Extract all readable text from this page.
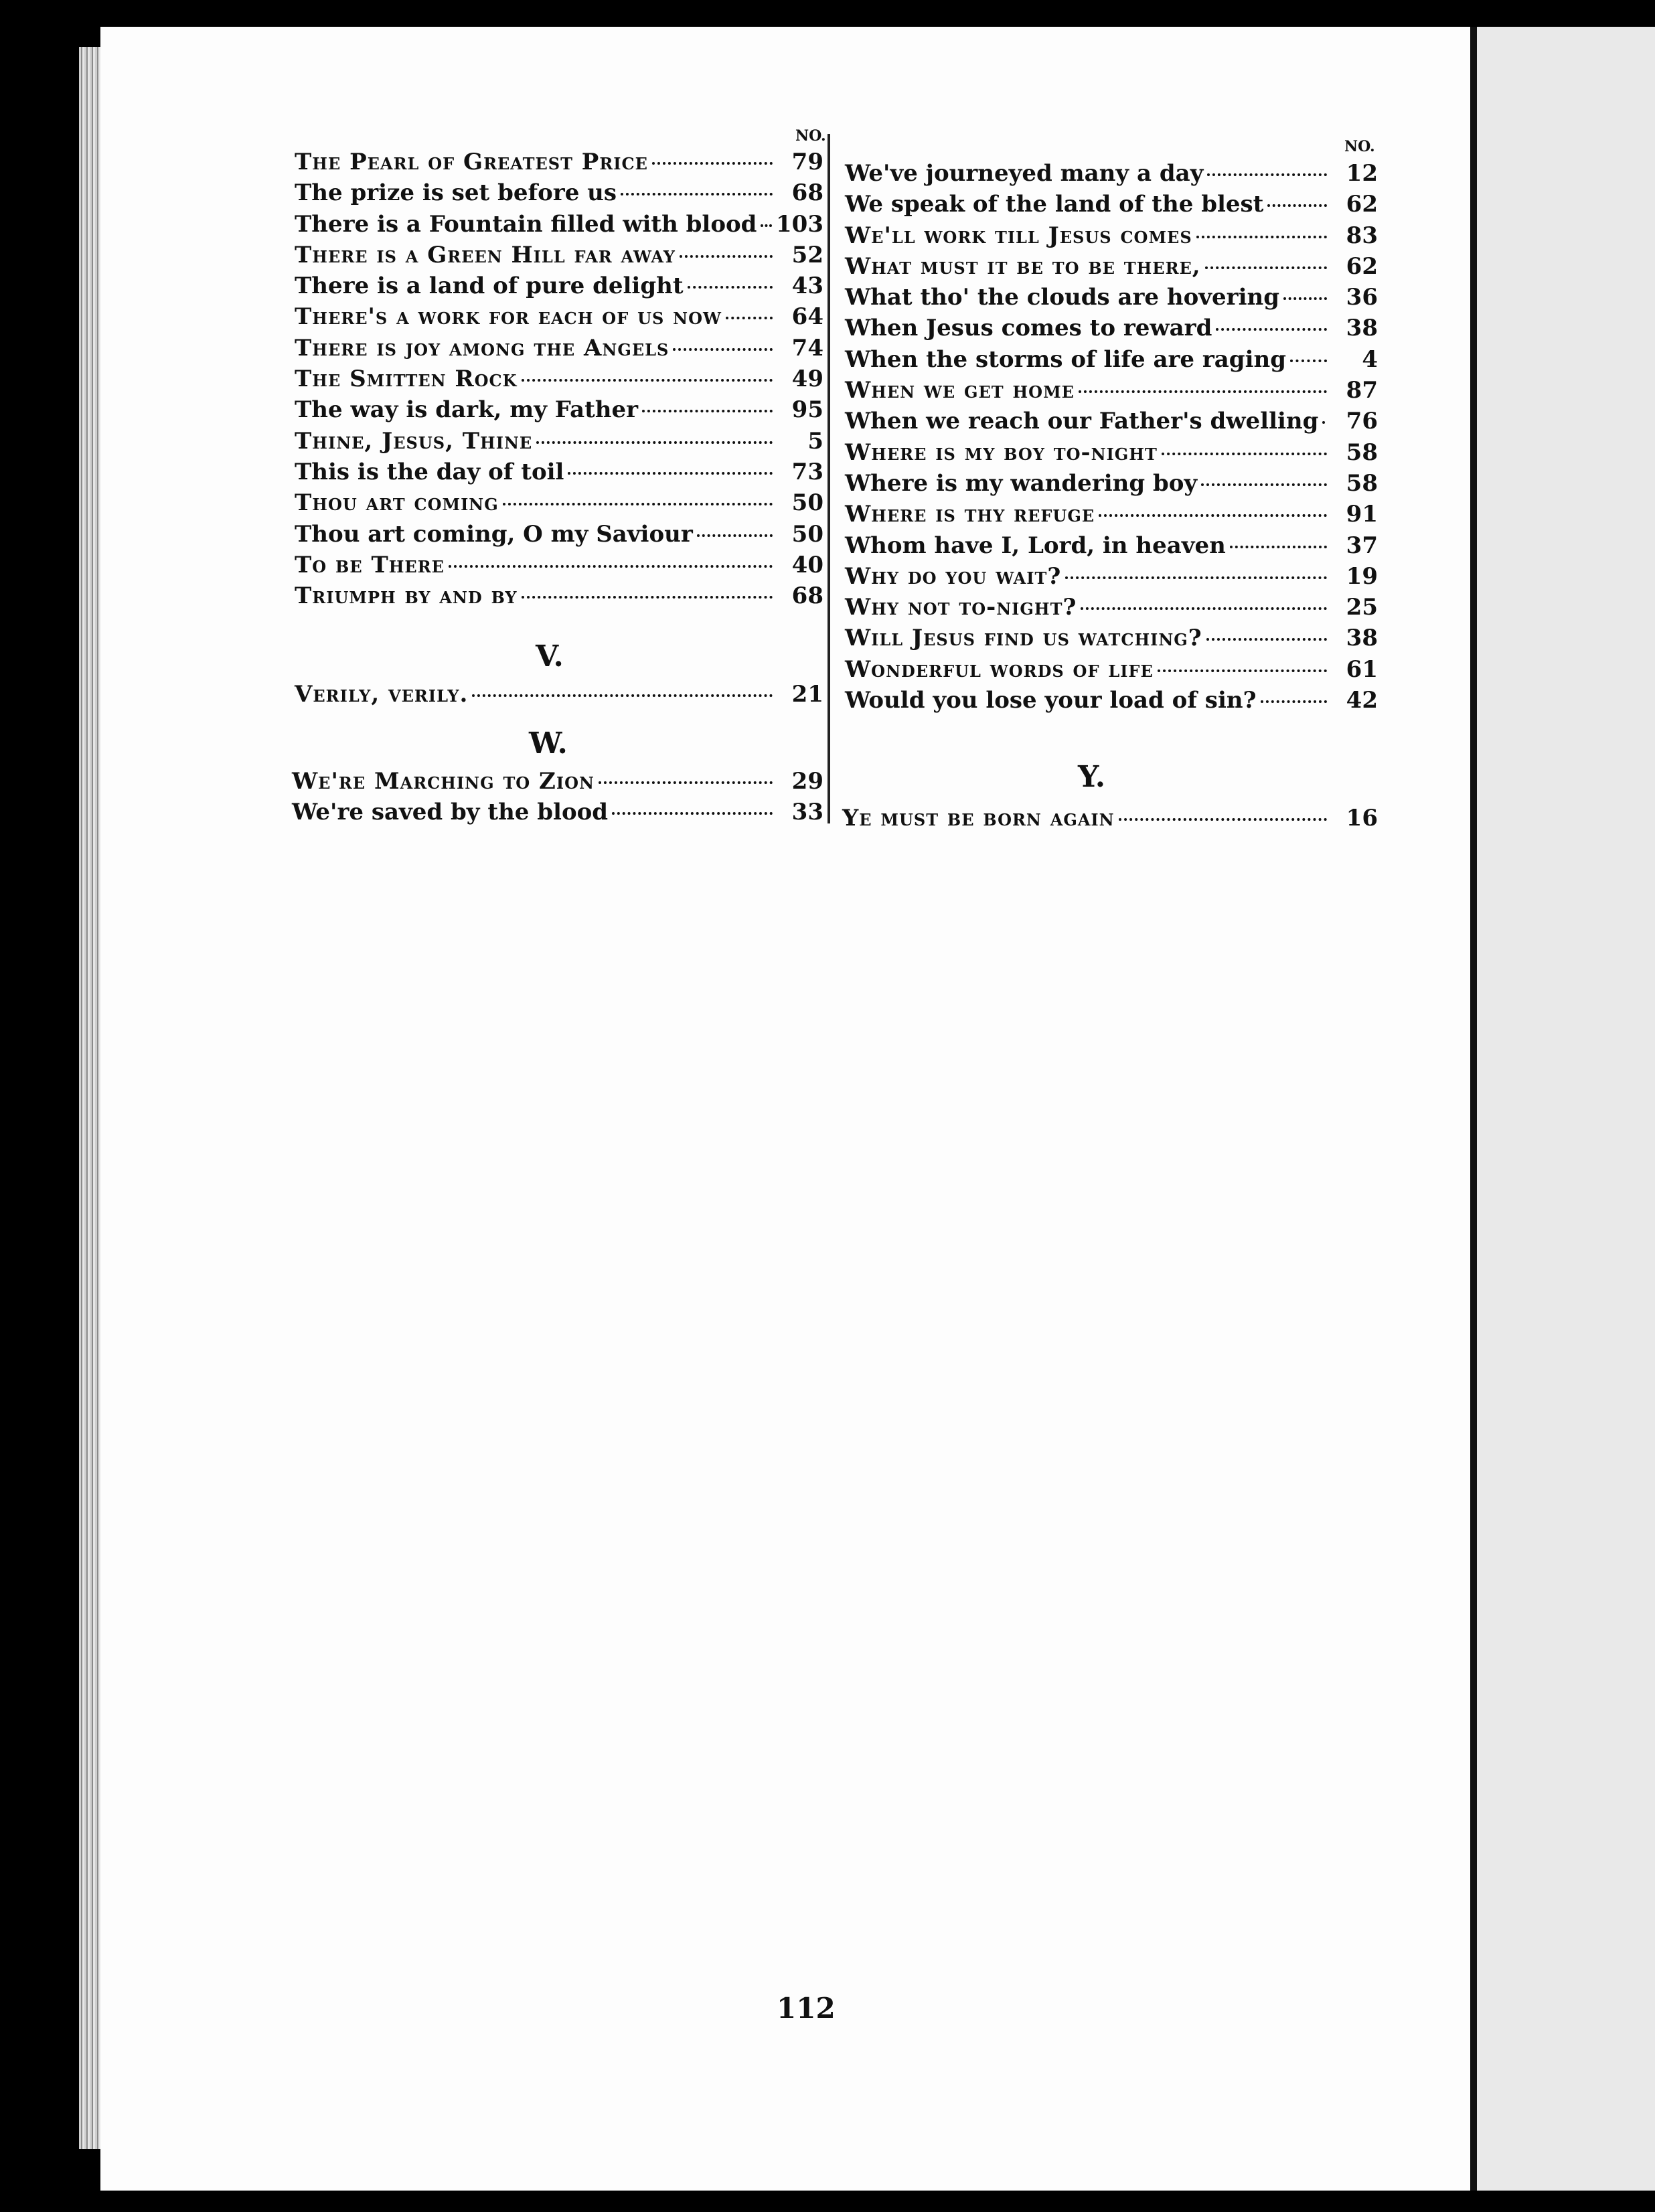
NO.
NO.
The Pearl of Greatest Price	79
The prize is set before us	68
There is a Fountain filled with blood 103
There is a Green Hill far away	52
There is a land of pure delight	43
There's a work for each of us now	64
There is joy among the Angels	74
The Smitten Rock	49
The way is dark, my Father	95
Thine, Jesus, Thine	5
This is the day of toil	73
Thou art coming	50
Thou art coming, O my Saviour	50
To be There	40
Triumph by and by	68
V.
Verily, verily.	21
W.
We're Marching to Zion	29
We're saved by the blood	33
We've journeyed many a day	12
We speak of the land of the blest	62
We'll work till Jesus comes	83
What must it be to be there,	62
What tho' the clouds are hovering	36
When Jesus comes to reward	38
When the storms of life are raging	4
When we get home	87
When we reach our Father's dwelling	76
Where is my boy to-night	58
Where is my wandering boy	58
Where is thy refuge	91
Whom have I, Lord, in heaven	37
Why do you wait?	19
Why not to-night?	25
Will Jesus find us watching?	38
Wonderful words of life	61
Would you lose your load of sin?	42
Y.
Ye must be born again	16
112
